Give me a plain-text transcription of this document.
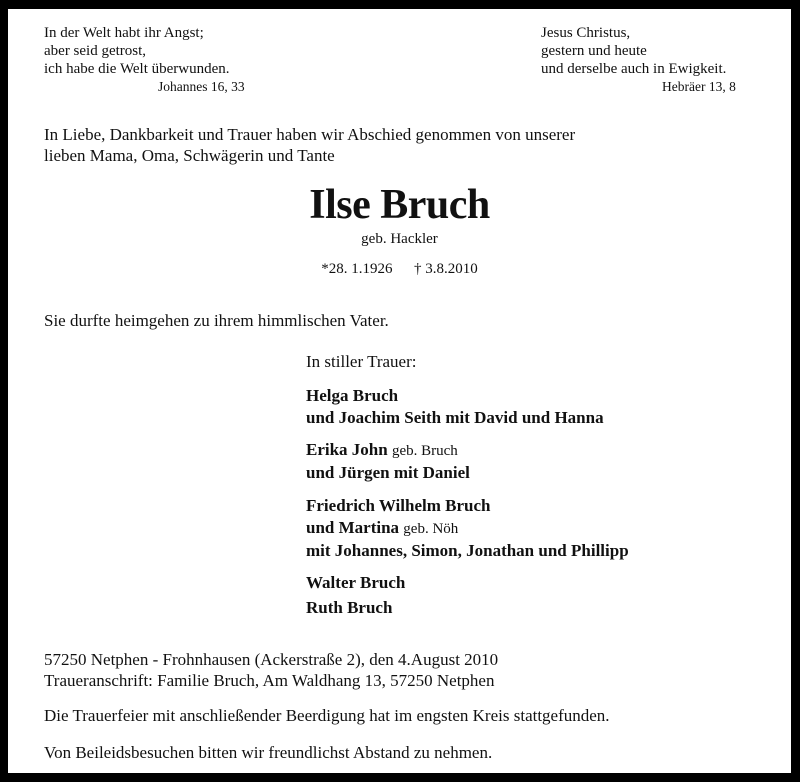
In der Welt habt ihr Angst;
aber seid getrost,
ich habe die Welt überwunden.
Johannes 16, 33
Jesus Christus,
gestern und heute
und derselbe auch in Ewigkeit.
Hebräer 13, 8
In Liebe, Dankbarkeit und Trauer haben wir Abschied genommen von unserer
lieben Mama, Oma, Schwägerin und Tante
Ilse Bruch
geb. Hackler
*28. 1.1926 † 3.8.2010
Sie durfte heimgehen zu ihrem himmlischen Vater.
In stiller Trauer:
Helga Bruch
und Joachim Seith mit David und Hanna
Erika John geb. Bruch
und Jürgen mit Daniel
Friedrich Wilhelm Bruch
und Martina geb. Nöh
mit Johannes, Simon, Jonathan und Phillipp
Walter Bruch
Ruth Bruch
57250 Netphen - Frohnhausen (Ackerstraße 2), den 4.August 2010
Traueranschrift: Familie Bruch, Am Waldhang 13, 57250 Netphen
Die Trauerfeier mit anschließender Beerdigung hat im engsten Kreis stattgefunden.
Von Beileidsbesuchen bitten wir freundlichst Abstand zu nehmen.
